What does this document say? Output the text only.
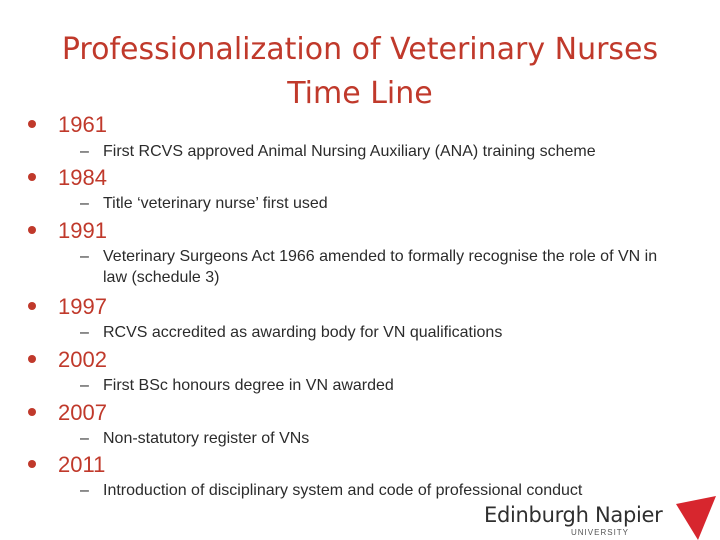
Professionalization of Veterinary Nurses
Time Line
1961
– First RCVS approved Animal Nursing Auxiliary (ANA) training scheme
1984
– Title ‘veterinary nurse’ first used
1991
– Veterinary Surgeons Act 1966 amended to formally recognise the role of VN in law (schedule 3)
1997
– RCVS accredited as awarding body for VN qualifications
2002
– First BSc honours degree in VN awarded
2007
– Non-statutory register of VNs
2011
– Introduction of disciplinary system and code of professional conduct
Edinburgh Napier
UNIVERSITY
